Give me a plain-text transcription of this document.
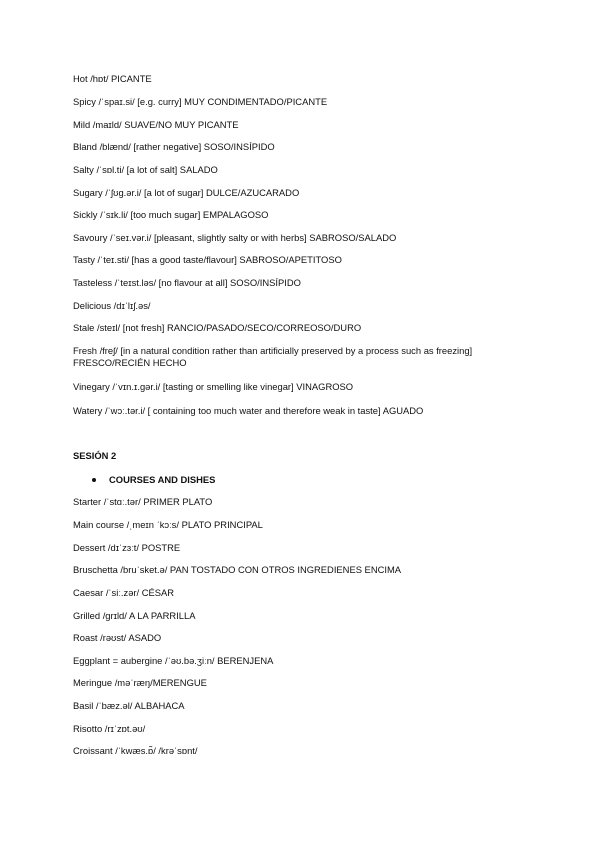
Hot /hɒt/ PICANTE
Spicy /ˈspaɪ.si/ [e.g. curry] MUY CONDIMENTADO/PICANTE
Mild /maɪld/ SUAVE/NO MUY PICANTE
Bland /blænd/ [rather negative] SOSO/INSÍPIDO
Salty /ˈsɒl.ti/ [a lot of salt] SALADO
Sugary /ˈʃʊɡ.ər.i/ [a lot of sugar] DULCE/AZUCARADO
Sickly /ˈsɪk.li/ [too much sugar] EMPALAGOSO
Savoury /ˈseɪ.vər.i/ [pleasant, slightly salty or with herbs] SABROSO/SALADO
Tasty /ˈteɪ.sti/ [has a good taste/flavour] SABROSO/APETITOSO
Tasteless /ˈteɪst.ləs/ [no flavour at all] SOSO/INSÍPIDO
Delicious /dɪˈlɪʃ.əs/
Stale /steɪl/ [not fresh] RANCIO/PASADO/SECO/CORREOSO/DURO
Fresh /freʃ/ [in a natural condition rather than artificially preserved by a process such as freezing] FRESCO/RECIÉN HECHO
Vinegary /ˈvɪn.ɪ.ɡər.i/ [tasting or smelling like vinegar] VINAGROSO
Watery /ˈwɔː.tər.i/ [ containing too much water and therefore weak in taste] AGUADO
SESIÓN 2
COURSES AND DISHES
Starter /ˈstɑː.tər/ PRIMER PLATO
Main course /ˌmeɪn ˈkɔːs/ PLATO PRINCIPAL
Dessert /dɪˈzɜːt/ POSTRE
Bruschetta /bruˈsket.ə/ PAN TOSTADO CON OTROS INGREDIENES ENCIMA
Caesar /ˈsiː.zər/ CÉSAR
Grilled /ɡrɪld/ A LA PARRILLA
Roast /rəʊst/ ASADO
Eggplant = aubergine /ˈəʊ.bə.ʒiːn/ BERENJENA
Meringue /məˈræŋ/MERENGUE
Basil /ˈbæz.əl/ ALBAHACA
Risotto /rɪˈzɒt.əʊ/
Croissant /ˈkwæs.ɒ̃/ /krəˈsɒnt/
